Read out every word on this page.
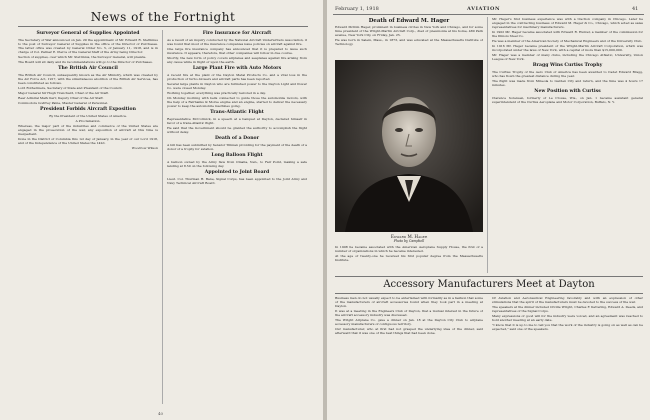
News of the Fortnight
Surveyor General of Supplies Appointed

The Secretary of War announced on Jan. 29 the appointment of Mr. Edward R. Stettinius to the post of Surveyor General of Supplies in the office of the Director of Purchases. The latter office was created by General Order No. 5, of January 11, 1918, and is in charge of Col. Palmer E. Pierce of the General Staff of the Army being Director.

Section of supplies, over which Mr. Stettinius, the Surveyor General, will preside.

The Board will sit daily and its recommendations will go to the Director of Purchases.

The British Air Council

The British Air Council, subsequently known as the Air Ministry, which was created by the Air Force Act, 1917, with the simultaneous abolition of the British Air Services, has been constituted as follows.

Lord Rothermere, Secretary of State and President of the Council.

Major General Sir Hugh Trenchard, Chief of the Air Staff.

Rear Admiral Mark Kerr, Deputy Chief of the Air Staff.

Commodore Godfrey Paine, Master General of Personnel.

President Forbids Aircraft Exposition

By the President of the United States of America.

A Proclamation.

Whereas, the major part of the industries and commerce of the United States are engaged in the prosecution of the war, any exposition of aircraft at this time is inexpedient.

Done in the District of Columbia this 1st day of January, in the year of our Lord 1918, and of the Independence of the United States the 142d.

Woodrow Wilson

Fire Insurance for Aircraft

As a result of an inquiry conducted by the National Aircraft Underwriters Association, it was found that most of the insurance companies issue policies on aircraft against fire.

One large fire insurance company has announced that it is prepared to issue such insurance. It appears, therefore, that other companies will follow in due course.

Shortly, the new form of policy covers airplanes and seaplanes against fire arising from any cause while in flight or upon the earth.

Large Plant Fire with Auto Motors

A recent fire at the plant of the Dayton Metal Products Co. and a vital loss in the production of turbo-blowers and aircraft parts has been reported.

Several large plants in Dayton who are furnished power to the Dayton Light and Power Co. were closed Monday.

Working together, everything was practically restored in a day.

On Monday morning with bells connected to guide those the automobile motors, with the help of a Fairbanks & Morse engine and an engine, started to deliver the necessary power to keep the automobile machines going.

Trans-Atlantic Flight

Representative McCormick, in a speech at a banquet at Dayton, declared himself in favor of a trans-Atlantic flight.

He said that the Government should be granted the authority to accomplish the flight without delay.

Death of a Donor

A bill has been submitted by Senator Tillman providing for the payment of the death of a donor of a trophy for aviation.

Long Balloon Flight

A balloon owned by the Army flew from Omaha, Neb., to Fair Point, making a safe landing at 8.50 on the following day.

Appointed to Joint Board

Lieut. Col. Thurman H. Bane, Signal Corps, has been appointed to the Joint Army and Navy Technical Aircraft Board.

40
February 1, 1918	AVIATION	41
Death of Edward M. Hager

Edward McKim Hager, prominent in business circles in New York and Chicago, and for some time president of the Wright-Martin Aircraft Corp., died of pneumonia at his home, 480 Park avenue, New York City, on Friday, Jan. 25.

He was born in Salem, Mass., in 1873, and was educated at the Massachusetts Institute of Technology.

Edward M. Hager
Photo by Campbell

In 1908 he became associated with the American Aeroplane Supply House, the first of a number of organizations in which he became interested.

At the age of twenty-one he received his first popular degree from the Massachusetts Institute.

Mr. Hager's first business experience was with a traction company in Chicago. Later he engaged in the contracting business of Edward M. Hager & Co., Chicago, which acted as sales representatives for machinery manufacturers.

In 1902 Mr. Hager became associated with Edward R. Hunter, a member of the commission for the Illinois Steel Co.

He was a member of the American Society of Mechanical Engineers and of the University Club.

In 1916 Mr. Hager became president of the Wright-Martin Aircraft Corporation, which was incorporated under the laws of New York, with a capital of more than $15,000,000.

Mr. Hager was a member of many clubs, including the Chicago Athletic, University, Union League of New York.

Bragg Wins Curtiss Trophy

The Curtiss Trophy of the Aero Club of America has been awarded to Cadet Edward Bragg, who has flown the greatest distance during the year.

The flight was made from Mineola to Garden City and return, and the time was 4 hours 17 minutes.

New Position with Curtiss

Clarence Sorensen, formerly of Le Crosse, Wis., on Jan. 1 became assistant general superintendent of the Curtiss Aeroplane and Motor Corporation, Buffalo, N. Y.

Accessory Manufacturers Meet at Dayton

Business men do not usually expect to be entertained with formality as in a fashion that some of the manufacturers of aircraft accessories found when they took part in a meeting at Dayton.

It was at a meeting in the Engineers Club of Dayton, that a mutual interest in the future of the aircraft accessory industry was discussed.

The Wright Airplane Co. gave a dinner on Jan. 18 at the Dayton City Club to airplane accessory manufacturers of contiguous territory.

Our manufacturer, who at first had not grasped the underlying idea of the dinner, said afterward that it was one of the best things that had been done.

Of Aviation and Aeronautical Engineering favorably and with an expression of other stimulations that the spirit of the manufacturers must be devoted to the success of the war.

The speakers at the dinner included Orville Wright, Charles F. Kettering, Edward A. Deeds, and representatives of the Signal Corps.

Many expressions of good will for the industry were voiced, and an agreement was reached to hold another meeting at an early date.

"I know that it is up to me to tell you that the work of the industry is going on as well as can be expected," said one of the speakers.
